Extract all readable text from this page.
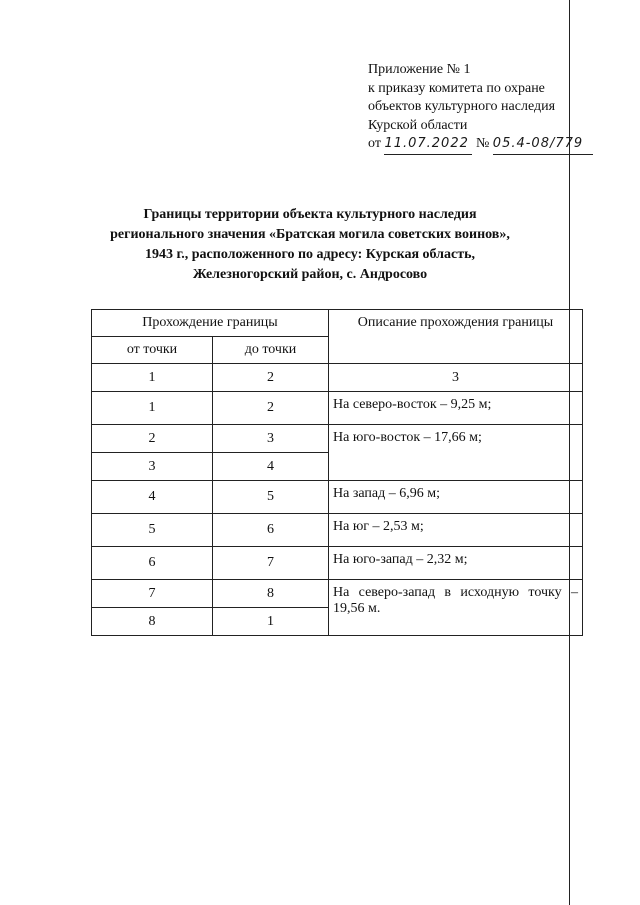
Приложение № 1
к приказу комитета по охране
объектов культурного наследия
Курской области
от 11.07.2022 № 05.4-08/779
Границы территории объекта культурного наследия
регионального значения «Братская могила советских воинов»,
1943 г., расположенного по адресу: Курская область,
Железногорский район, с. Андросово
Прохождение границы		Описание прохождения границы
от точки	до точки	
1	2	3
1	2	На северо-восток – 9,25 м;
2	3	На юго-восток – 17,66 м;
3	4	
4	5	На запад – 6,96 м;
5	6	На юг – 2,53 м;
6	7	На юго-запад – 2,32 м;
7	8	На северо-запад в исходную точку – 19,56 м.
8	1	
